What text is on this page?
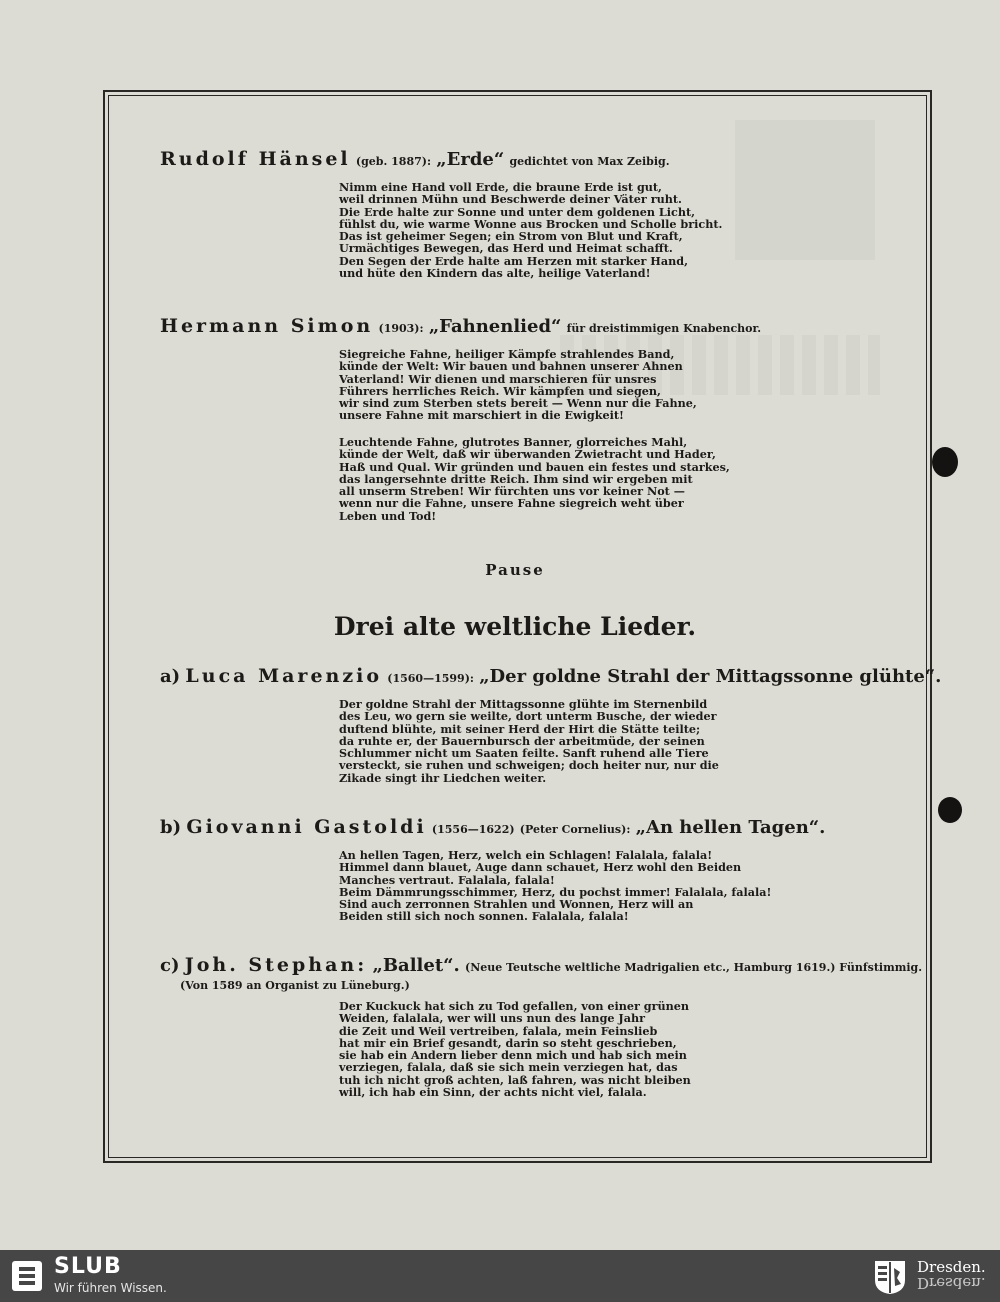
Rudolf Hänsel (geb. 1887): „Erde“ gedichtet von Max Zeibig.
Nimm eine Hand voll Erde, die braune Erde ist gut,
weil drinnen Mühn und Beschwerde deiner Väter ruht.
Die Erde halte zur Sonne und unter dem goldenen Licht,
fühlst du, wie warme Wonne aus Brocken und Scholle bricht.
Das ist geheimer Segen; ein Strom von Blut und Kraft,
Urmächtiges Bewegen, das Herd und Heimat schafft.
Den Segen der Erde halte am Herzen mit starker Hand,
und hüte den Kindern das alte, heilige Vaterland!
Hermann Simon (1903): „Fahnenlied“ für dreistimmigen Knabenchor.
Siegreiche Fahne, heiliger Kämpfe strahlendes Band,
künde der Welt: Wir bauen und bahnen unserer Ahnen
Vaterland! Wir dienen und marschieren für unsres
Führers herrliches Reich. Wir kämpfen und siegen,
wir sind zum Sterben stets bereit — Wenn nur die Fahne,
unsere Fahne mit marschiert in die Ewigkeit!
Leuchtende Fahne, glutrotes Banner, glorreiches Mahl,
künde der Welt, daß wir überwanden Zwietracht und Hader,
Haß und Qual. Wir gründen und bauen ein festes und starkes,
das langersehnte dritte Reich. Ihm sind wir ergeben mit
all unserm Streben! Wir fürchten uns vor keiner Not —
wenn nur die Fahne, unsere Fahne siegreich weht über
Leben und Tod!
Pause
Drei alte weltliche Lieder.
a) Luca Marenzio (1560—1599): „Der goldne Strahl der Mittagssonne glühte“.
Der goldne Strahl der Mittagssonne glühte im Sternenbild
des Leu, wo gern sie weilte, dort unterm Busche, der wieder
duftend blühte, mit seiner Herd der Hirt die Stätte teilte;
da ruhte er, der Bauernbursch der arbeitmüde, der seinen
Schlummer nicht um Saaten feilte. Sanft ruhend alle Tiere
versteckt, sie ruhen und schweigen; doch heiter nur, nur die
Zikade singt ihr Liedchen weiter.
b) Giovanni Gastoldi (1556—1622) (Peter Cornelius): „An hellen Tagen“.
An hellen Tagen, Herz, welch ein Schlagen! Falalala, falala!
Himmel dann blauet, Auge dann schauet, Herz wohl den Beiden
Manches vertraut. Falalala, falala!
Beim Dämmrungsschimmer, Herz, du pochst immer! Falalala, falala!
Sind auch zerronnen Strahlen und Wonnen, Herz will an
Beiden still sich noch sonnen. Falalala, falala!
c) Joh. Stephan: „Ballet“. (Neue Teutsche weltliche Madrigalien etc., Hamburg 1619.) Fünfstimmig.
(Von 1589 an Organist zu Lüneburg.)
Der Kuckuck hat sich zu Tod gefallen, von einer grünen
Weiden, falalala, wer will uns nun des lange Jahr
die Zeit und Weil vertreiben, falala, mein Feinslieb
hat mir ein Brief gesandt, darin so steht geschrieben,
sie hab ein Andern lieber denn mich und hab sich mein
verziegen, falala, daß sie sich mein verziegen hat, das
tuh ich nicht groß achten, laß fahren, was nicht bleiben
will, ich hab ein Sinn, der achts nicht viel, falala.
SLUB
Wir führen Wissen.
Dresden.
Dresden.
